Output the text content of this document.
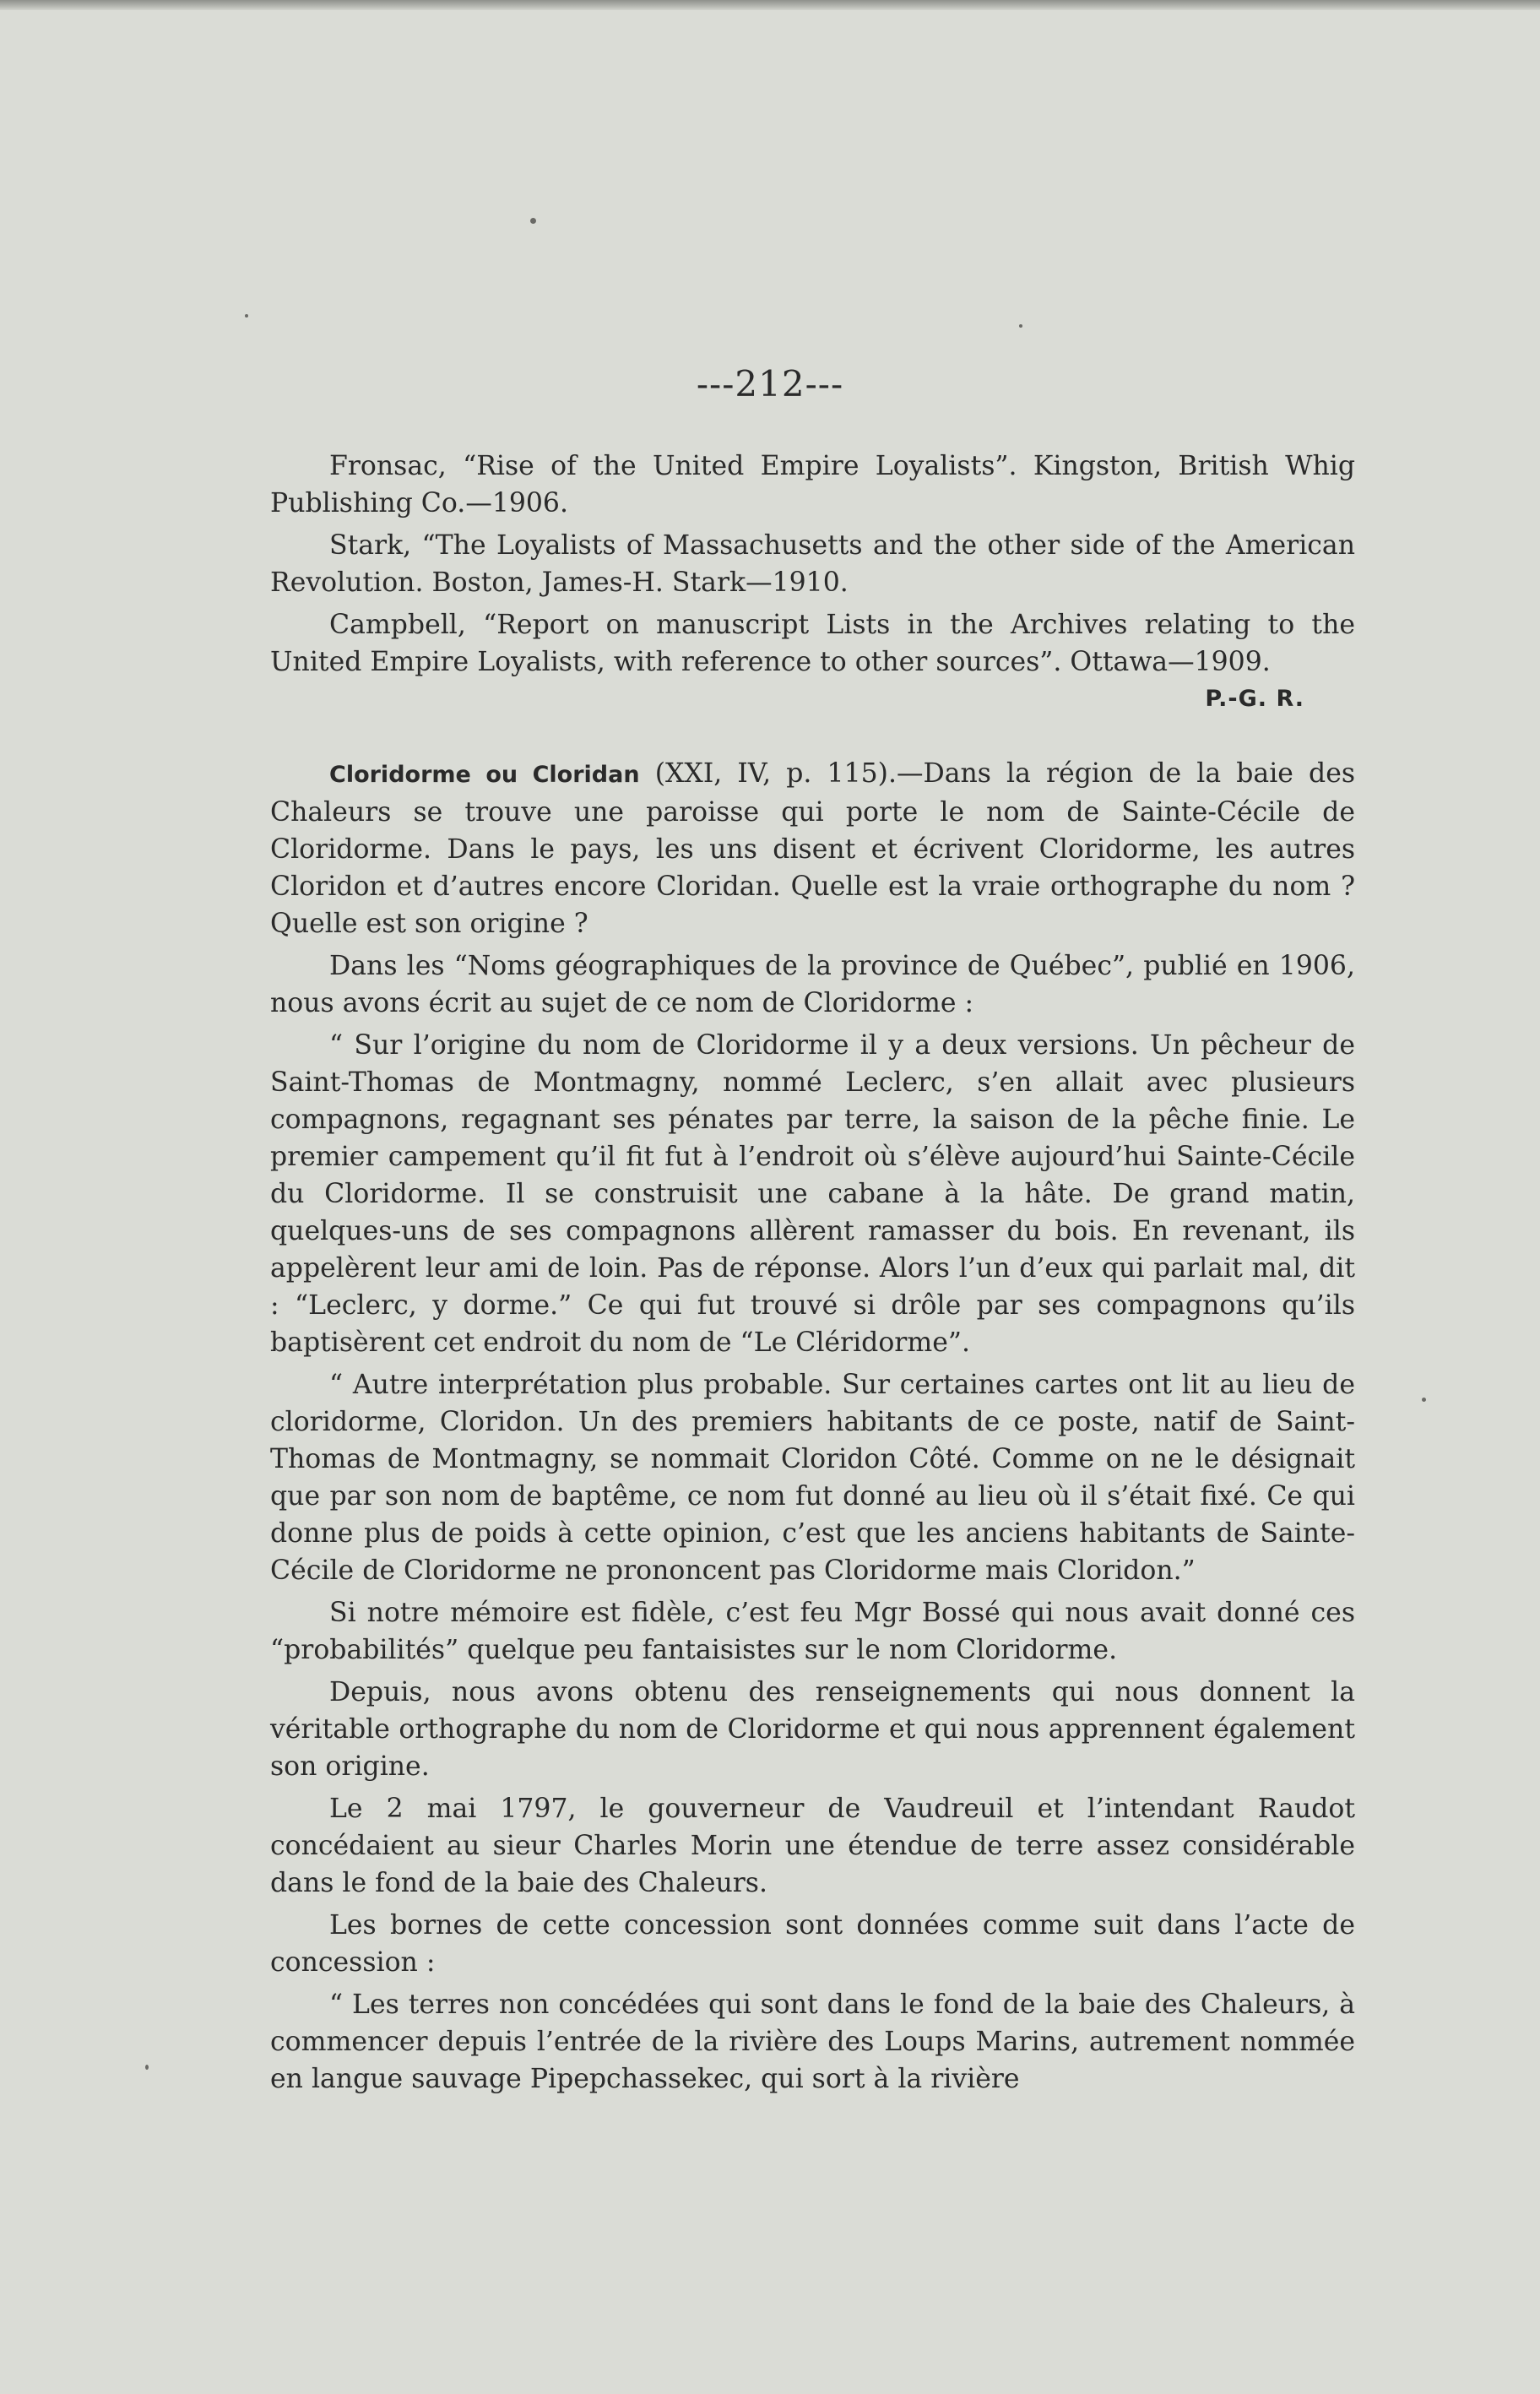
---212---

Fronsac, “Rise of the United Empire Loyalists”. Kingston, British Whig Publishing Co.—1906.

Stark, “The Loyalists of Massachusetts and the other side of the American Revolution. Boston, James-H. Stark—1910.

Campbell, “Report on manuscript Lists in the Archives relating to the United Empire Loyalists, with reference to other sources”. Ottawa—1909.

P.-G. R.

Cloridorme ou Cloridan (XXI, IV, p. 115).—Dans la région de la baie des Chaleurs se trouve une paroisse qui porte le nom de Sainte-Cécile de Cloridorme. Dans le pays, les uns disent et écrivent Cloridorme, les autres Cloridon et d’autres encore Cloridan. Quelle est la vraie orthographe du nom ? Quelle est son origine ?

Dans les “Noms géographiques de la province de Québec”, publié en 1906, nous avons écrit au sujet de ce nom de Cloridorme :

“ Sur l’origine du nom de Cloridorme il y a deux versions. Un pêcheur de Saint-Thomas de Montmagny, nommé Leclerc, s’en allait avec plusieurs compagnons, regagnant ses pénates par terre, la saison de la pêche finie. Le premier campement qu’il fit fut à l’endroit où s’élève aujourd’hui Sainte-Cécile du Cloridorme. Il se construisit une cabane à la hâte. De grand matin, quelques-uns de ses compagnons allèrent ramasser du bois. En revenant, ils appelèrent leur ami de loin. Pas de réponse. Alors l’un d’eux qui parlait mal, dit : “Leclerc, y dorme.” Ce qui fut trouvé si drôle par ses compagnons qu’ils baptisèrent cet endroit du nom de “Le Cléridorme”.

“ Autre interprétation plus probable. Sur certaines cartes ont lit au lieu de cloridorme, Cloridon. Un des premiers habitants de ce poste, natif de Saint-Thomas de Montmagny, se nommait Cloridon Côté. Comme on ne le désignait que par son nom de baptême, ce nom fut donné au lieu où il s’était fixé. Ce qui donne plus de poids à cette opinion, c’est que les anciens habitants de Sainte-Cécile de Cloridorme ne prononcent pas Cloridorme mais Cloridon.”

Si notre mémoire est fidèle, c’est feu Mgr Bossé qui nous avait donné ces “probabilités” quelque peu fantaisistes sur le nom Cloridorme.

Depuis, nous avons obtenu des renseignements qui nous donnent la véritable orthographe du nom de Cloridorme et qui nous apprennent également son origine.

Le 2 mai 1797, le gouverneur de Vaudreuil et l’intendant Raudot concédaient au sieur Charles Morin une étendue de terre assez considérable dans le fond de la baie des Chaleurs.

Les bornes de cette concession sont données comme suit dans l’acte de concession :

“ Les terres non concédées qui sont dans le fond de la baie des Chaleurs, à commencer depuis l’entrée de la rivière des Loups Marins, autrement nommée en langue sauvage Pipepchassekec, qui sort à la rivière
